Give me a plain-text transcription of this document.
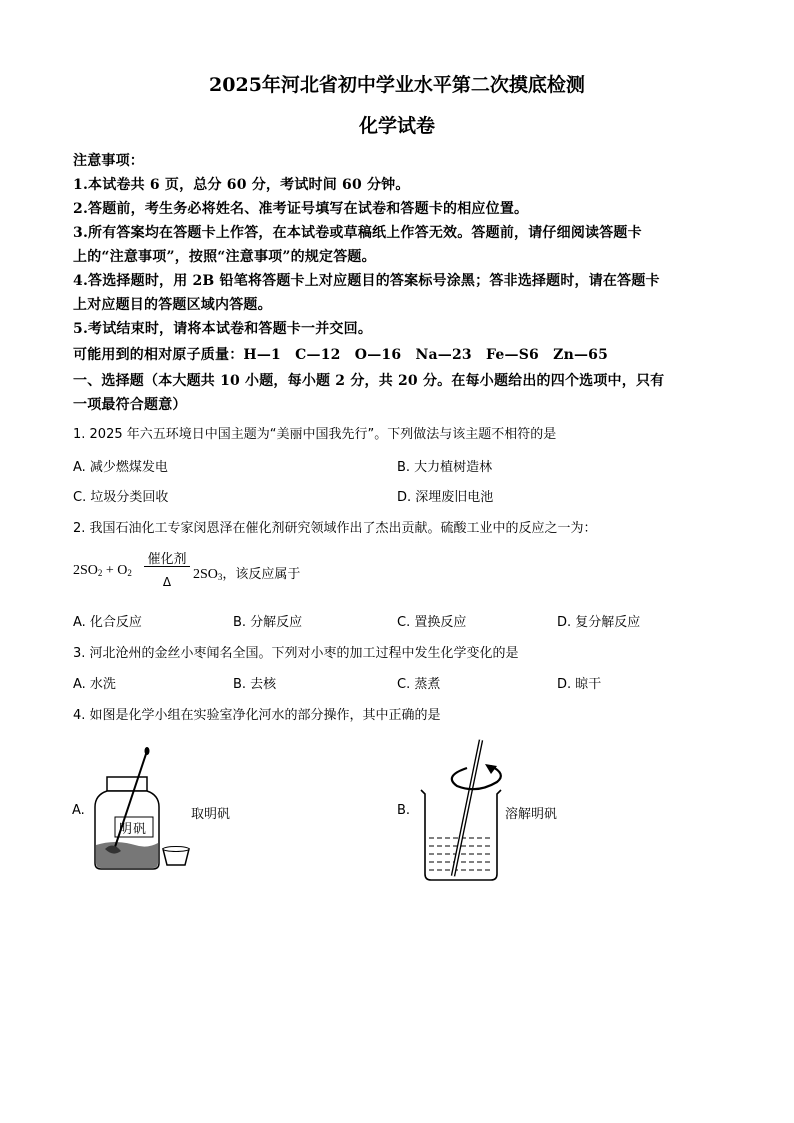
2025年河北省初中学业水平第二次摸底检测
化学试卷
注意事项：
1.本试卷共 6 页，总分 60 分，考试时间 60 分钟。
2.答题前，考生务必将姓名、准考证号填写在试卷和答题卡的相应位置。
3.所有答案均在答题卡上作答，在本试卷或草稿纸上作答无效。答题前，请仔细阅读答题卡
上的“注意事项”，按照“注意事项”的规定答题。
4.答选择题时，用 2B 铅笔将答题卡上对应题目的答案标号涂黑；答非选择题时，请在答题卡
上对应题目的答题区域内答题。
5.考试结束时，请将本试卷和答题卡一并交回。
可能用到的相对原子质量：H—1　C—12　O—16　Na—23　Fe—S6　Zn—65
一、选择题（本大题共 10 小题，每小题 2 分，共 20 分。在每小题给出的四个选项中，只有
一项最符合题意）
1. 2025 年六五环境日中国主题为“美丽中国我先行”。下列做法与该主题不相符的是
A. 减少燃煤发电	B. 大力植树造林
C. 垃圾分类回收	D. 深埋废旧电池
2. 我国石油化工专家闵恩泽在催化剂研究领域作出了杰出贡献。硫酸工业中的反应之一为：
$2SO_2 + O_2$
催化剂
Δ	$2SO_3$，该反应属于
A. 化合反应	B. 分解反应	C. 置换反应	D. 复分解反应
3. 河北沧州的金丝小枣闻名全国。下列对小枣的加工过程中发生化学变化的是
A. 水洗	B. 去核	C. 蒸煮	D. 晾干
4. 如图是化学小组在实验室净化河水的部分操作，其中正确的是
A.
明矾
取明矾	B.	溶解明矾
